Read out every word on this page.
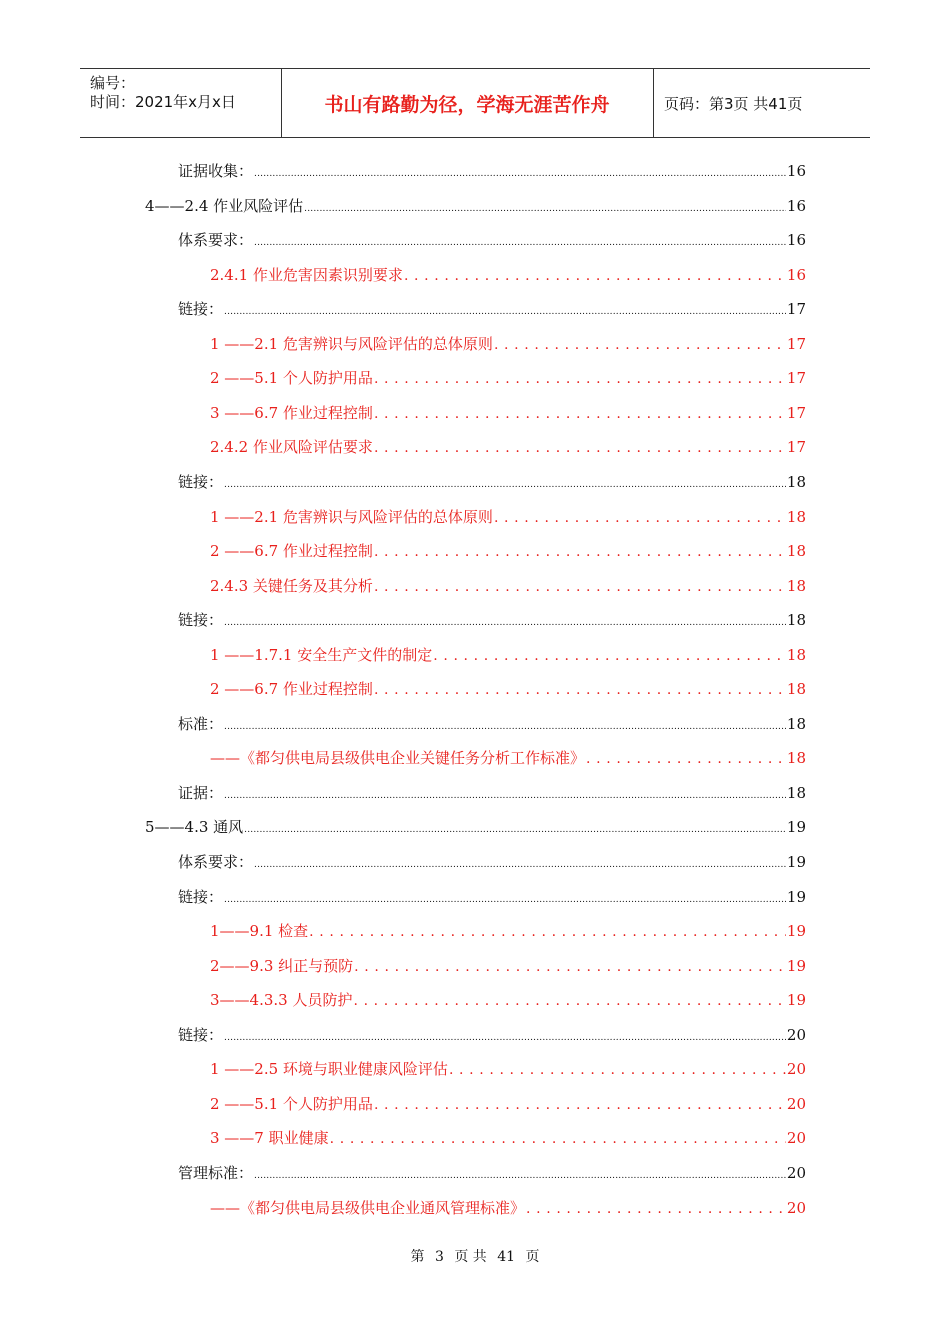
编号：
时间：2021年x月x日	书山有路勤为径，学海无涯苦作舟	页码：第3页 共41页
证据收集： .....	16
4——2.4 作业风险评估 .....	16
体系要求： .....	16
2.4.1 作业危害因素识别要求 . . .	16
链接： .....	17
1 ——2.1 危害辨识与风险评估的总体原则 . . .	17
2 ——5.1 个人防护用品 . . .	17
3 ——6.7 作业过程控制 . . .	17
2.4.2 作业风险评估要求 . . .	17
链接： .....	18
1 ——2.1 危害辨识与风险评估的总体原则 . . .	18
2 ——6.7 作业过程控制 . . .	18
2.4.3 关键任务及其分析 . . .	18
链接： .....	18
1 ——1.7.1 安全生产文件的制定 . . .	18
2 ——6.7 作业过程控制 . . .	18
标准： .....	18
——《都匀供电局县级供电企业关键任务分析工作标准》 . . .	18
证据： .....	18
5——4.3 通风 .....	19
体系要求： .....	19
链接： .....	19
1——9.1 检查 . . .	19
2——9.3 纠正与预防 . . .	19
3——4.3.3 人员防护 . . .	19
链接： .....	20
1 ——2.5 环境与职业健康风险评估 . . .	20
2 ——5.1 个人防护用品 . . .	20
3 ——7 职业健康 . . .	20
管理标准： .....	20
——《都匀供电局县级供电企业通风管理标准》 . . .	20
第 3 页 共 41 页
